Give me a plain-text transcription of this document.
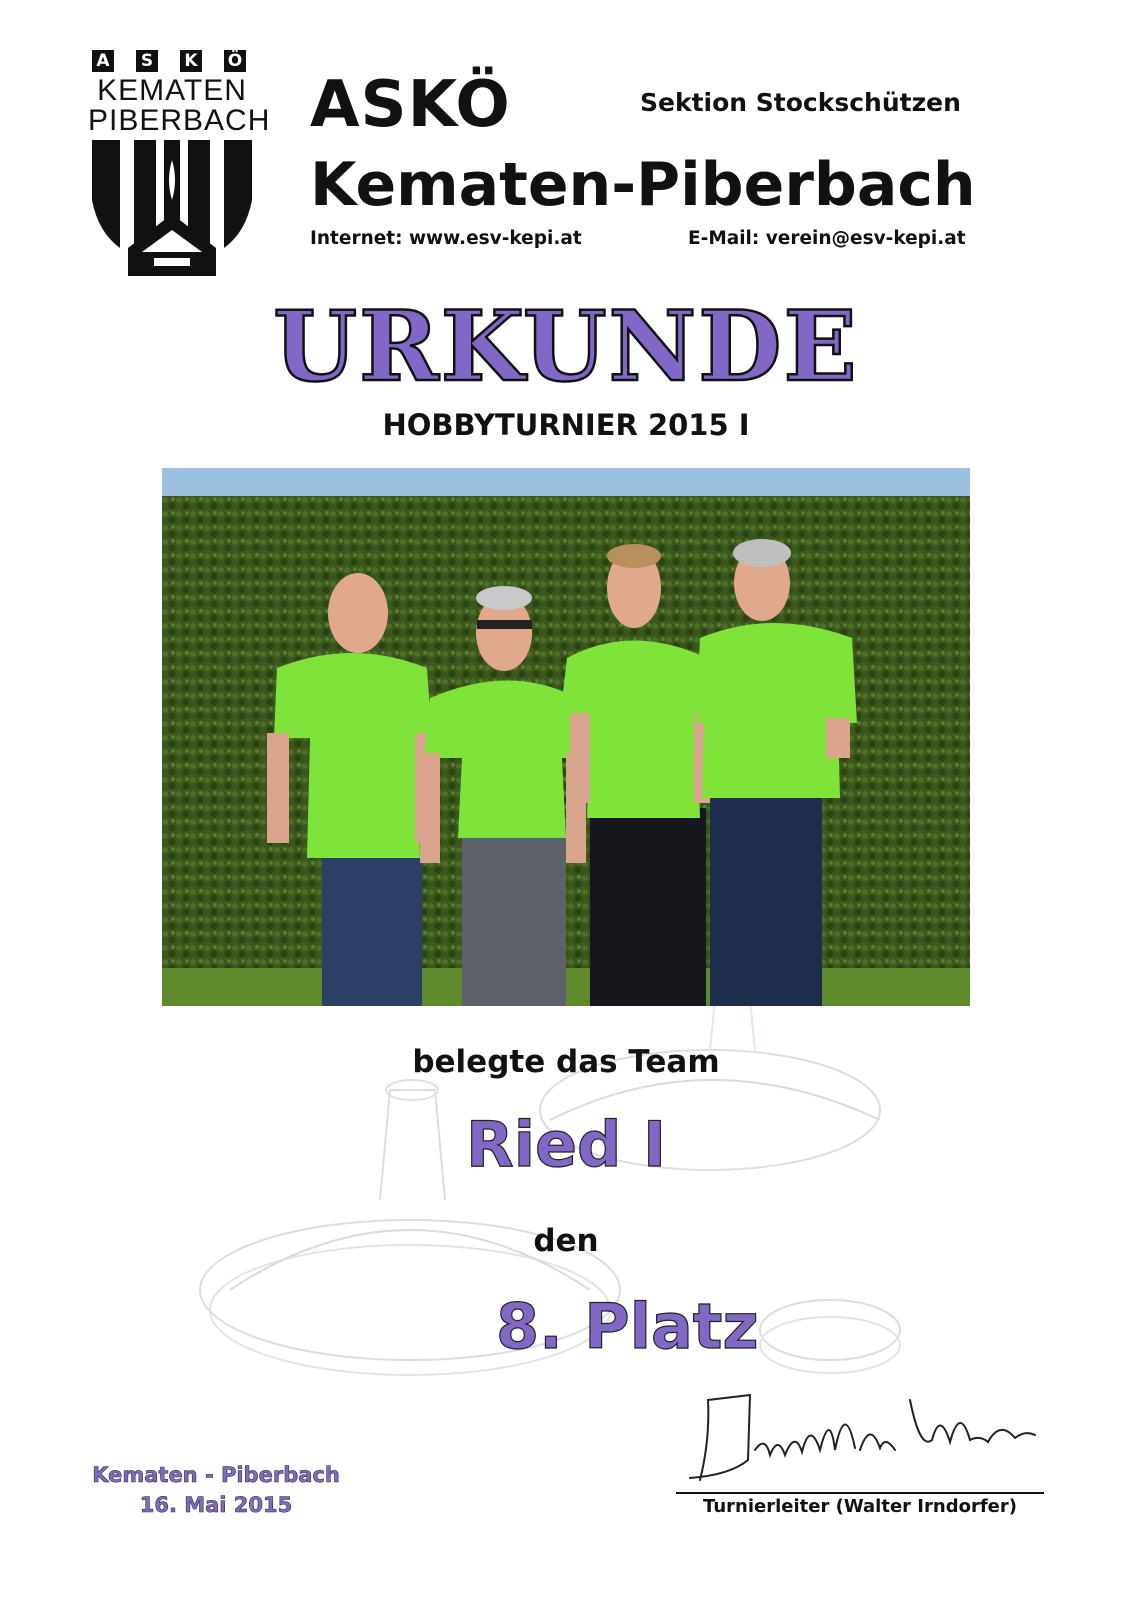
A S K Ö
KEMATEN
PIBERBACH ASKÖ	Sektion Stockschützen
Kematen-Piberbach
Internet: www.esv-kepi.at	E-Mail: verein@esv-kepi.at
URKUNDE
HOBBYTURNIER 2015 I
belegte das Team
Ried I
den
8. Platz
Kematen - Piberbach
16. Mai 2015	Turnierleiter (Walter Irndorfer)
